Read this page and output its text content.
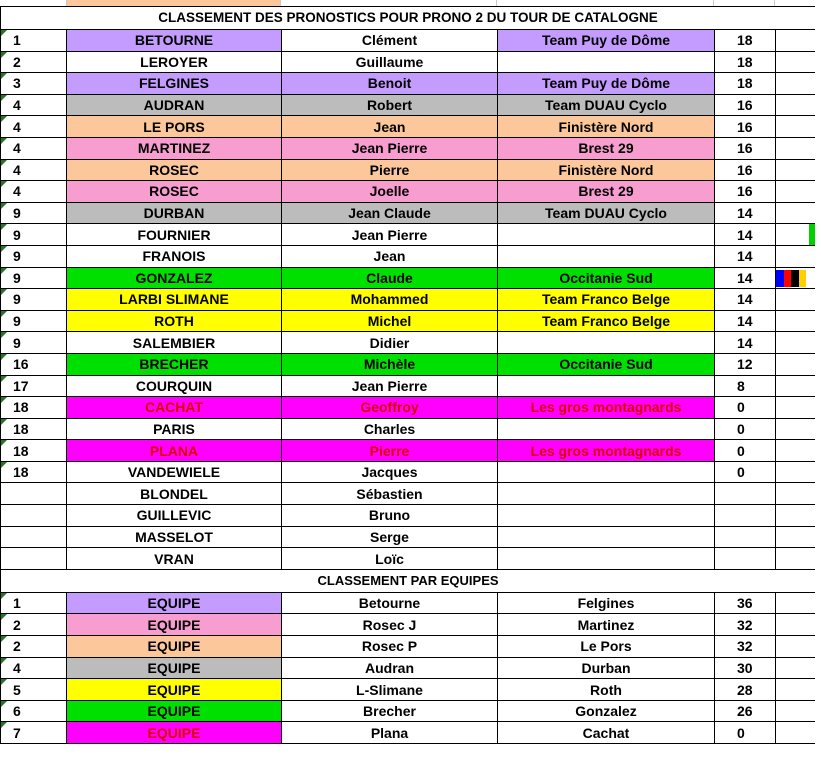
CLASSEMENT DES PRONOSTICS POUR PRONO 2 DU TOUR DE CATALOGNE					

1	BETOURNE	Clément	Team Puy de Dôme	18	

2	LEROYER	Guillaume		18	

3	FELGINES	Benoit	Team Puy de Dôme	18	

4	AUDRAN	Robert	Team DUAU Cyclo	16	

4	LE PORS	Jean	Finistère Nord	16	

4	MARTINEZ	Jean Pierre	Brest 29	16	

4	ROSEC	Pierre	Finistère Nord	16	

4	ROSEC	Joelle	Brest 29	16	

9	DURBAN	Jean Claude	Team DUAU Cyclo	14	

9	FOURNIER	Jean Pierre		14	

9	FRANOIS	Jean		14	

9	GONZALEZ	Claude	Occitanie Sud	14	

9	LARBI SLIMANE	Mohammed	Team Franco Belge	14	

9	ROTH	Michel	Team Franco Belge	14	

9	SALEMBIER	Didier		14	

16	BRECHER	Michèle	Occitanie Sud	12	

17	COURQUIN	Jean Pierre		8	

18	CACHAT	Geoffroy	Les gros montagnards	0	

18	PARIS	Charles		0	

18	PLANA	Pierre	Les gros montagnards	0	

18	VANDEWIELE	Jacques		0	
	BLONDEL	Sébastien			
	GUILLEVIC	Bruno			
	MASSELOT	Serge			
	VRAN	Loïc			
CLASSEMENT PAR EQUIPES					

1	EQUIPE	Betourne	Felgines	36	

2	EQUIPE	Rosec J	Martinez	32	

2	EQUIPE	Rosec P	Le Pors	32	

4	EQUIPE	Audran	Durban	30	

5	EQUIPE	L-Slimane	Roth	28	

6	EQUIPE	Brecher	Gonzalez	26	

7	EQUIPE	Plana	Cachat	0	
